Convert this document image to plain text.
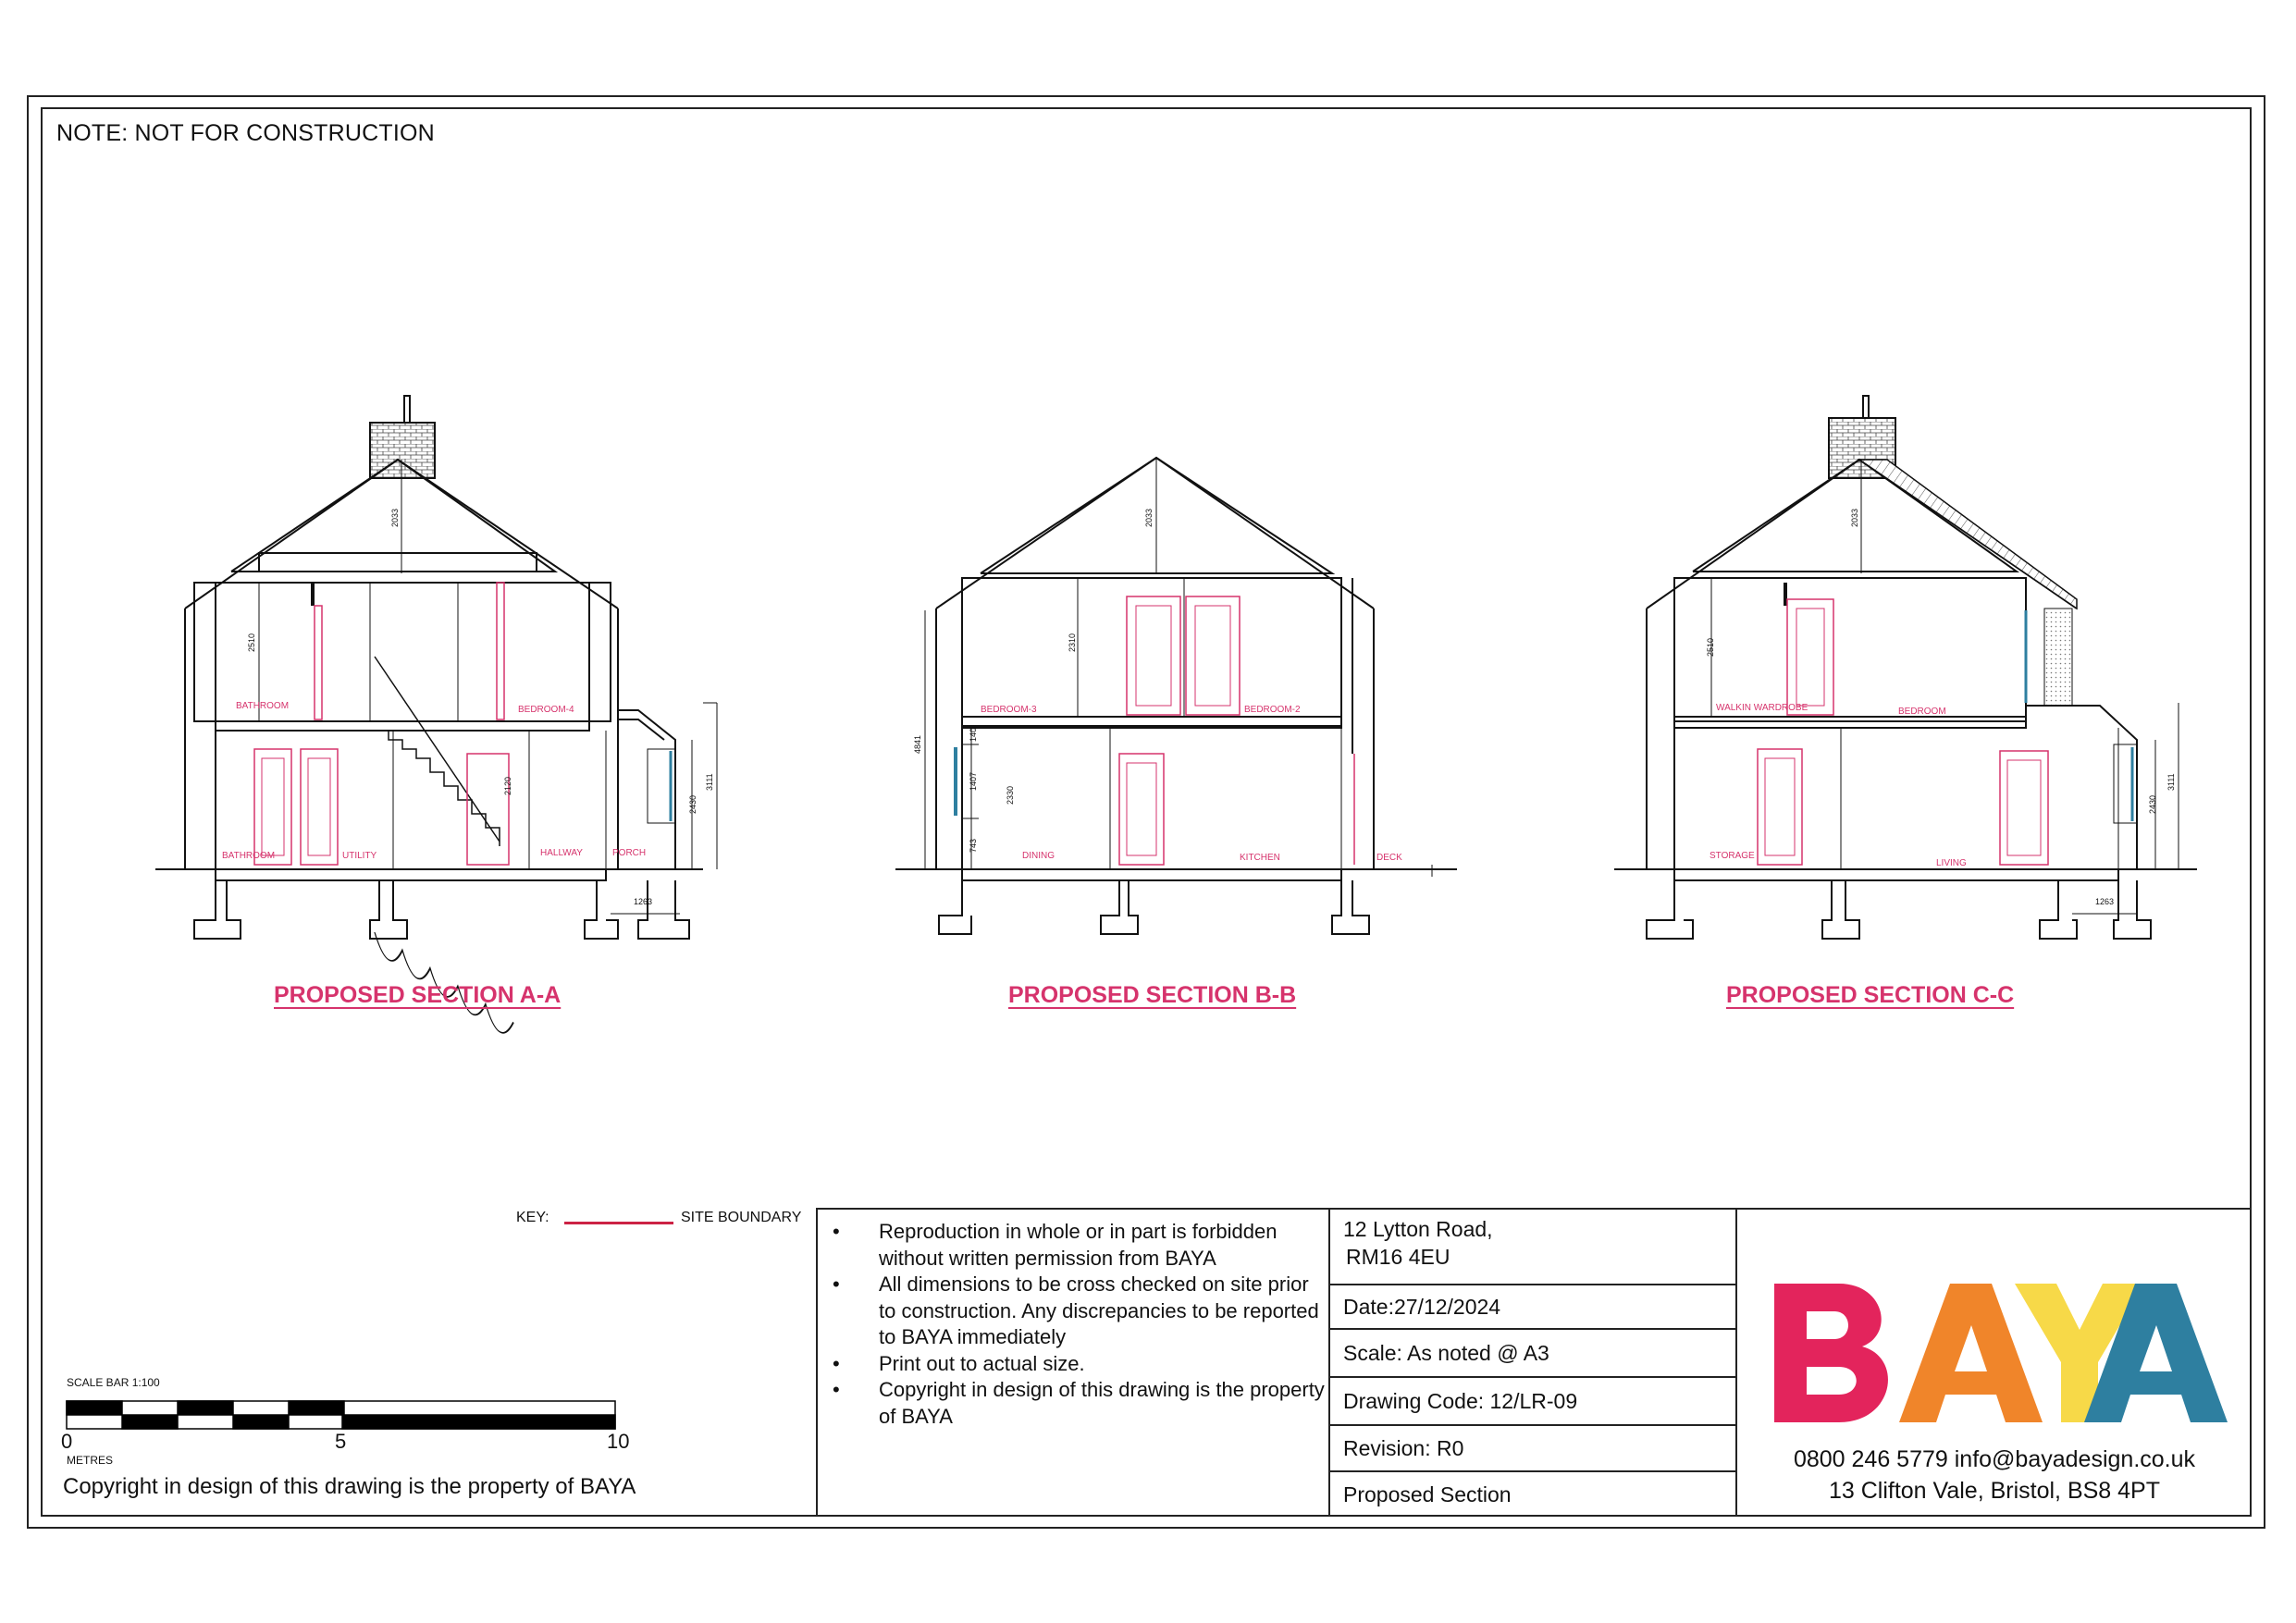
NOTE: NOT FOR CONSTRUCTION
BATHROOM	BEDROOM-4
BATHROOM	UTILITY	HALLWAY	PORCH
BEDROOM-3	BEDROOM-2
DINING	KITCHEN	DECK
WALKIN WARDROBE	BEDROOM
STORAGE
LIVING
2033
2510
2120
2430
3111
1263
2033
2310
4841
140
1407
2330
743
2033
2510
2430
3111
1263
PROPOSED SECTION A-A	PROPOSED SECTION B-B	PROPOSED SECTION C-C
KEY:	SITE BOUNDARY
SCALE BAR 1:100
0	5	10
METRES
Copyright in design of this drawing is the property of BAYA
• Reproduction in whole or in part is forbidden without written permission from BAYA
• All dimensions to be cross checked on site prior to construction. Any discrepancies to be reported to BAYA immediately
• Print out to actual size.
• Copyright in design of this drawing is the property of BAYA
12 Lytton Road,
RM16 4EU
Date:27/12/2024
Scale: As noted @ A3
Drawing Code: 12/LR-09
Revision: R0
Proposed Section
0800 246 5779 info@bayadesign.co.uk
13 Clifton Vale, Bristol, BS8 4PT
